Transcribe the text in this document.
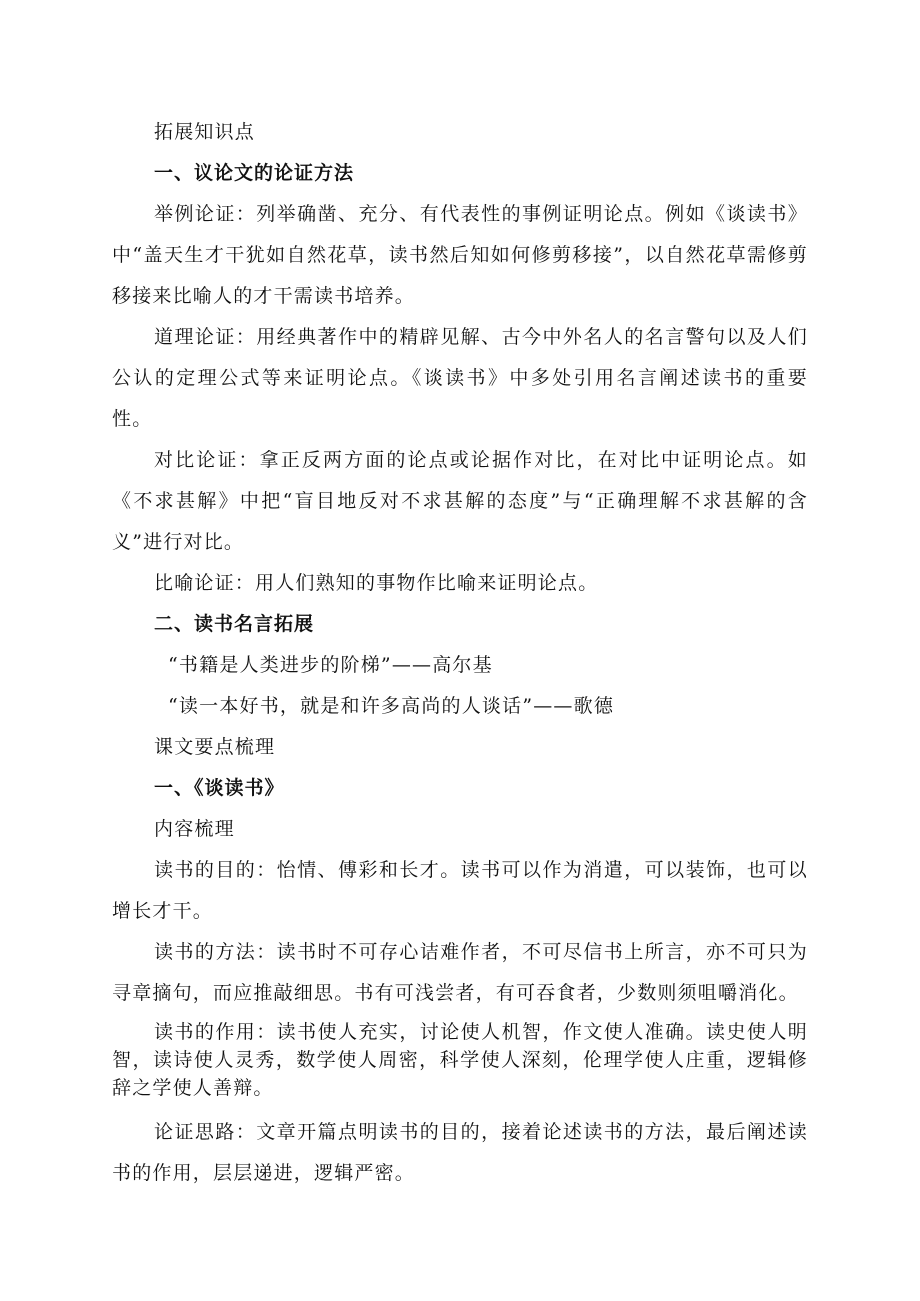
拓展知识点

一、议论文的论证方法

举例论证：列举确凿、充分、有代表性的事例证明论点。例如《谈读书》中“盖天生才干犹如自然花草，读书然后知如何修剪移接”，以自然花草需修剪移接来比喻人的才干需读书培养。

道理论证：用经典著作中的精辟见解、古今中外名人的名言警句以及人们公认的定理公式等来证明论点。《谈读书》中多处引用名言阐述读书的重要性。

对比论证：拿正反两方面的论点或论据作对比，在对比中证明论点。如《不求甚解》中把“盲目地反对不求甚解的态度”与“正确理解不求甚解的含义”进行对比。

比喻论证：用人们熟知的事物作比喻来证明论点。

二、读书名言拓展

“书籍是人类进步的阶梯”——高尔基

“读一本好书，就是和许多高尚的人谈话”——歌德

课文要点梳理

一、《谈读书》

内容梳理

读书的目的：怡情、傅彩和长才。读书可以作为消遣，可以装饰，也可以增长才干。

读书的方法：读书时不可存心诘难作者，不可尽信书上所言，亦不可只为寻章摘句，而应推敲细思。书有可浅尝者，有可吞食者，少数则须咀嚼消化。

读书的作用：读书使人充实，讨论使人机智，作文使人准确。读史使人明智，读诗使人灵秀，数学使人周密，科学使人深刻，伦理学使人庄重，逻辑修辞之学使人善辩。

论证思路：文章开篇点明读书的目的，接着论述读书的方法，最后阐述读书的作用，层层递进，逻辑严密。
